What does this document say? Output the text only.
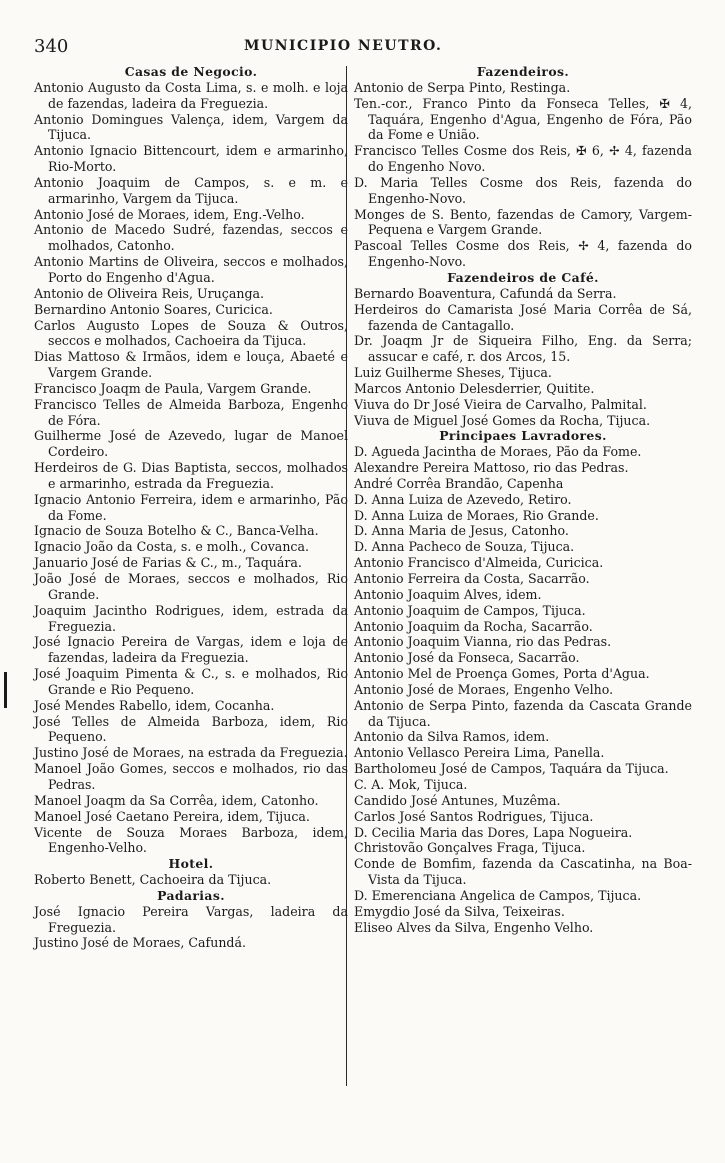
340	MUNICIPIO NEUTRO.
Casas de Negocio.
Antonio Augusto da Costa Lima, s. e molh. e loja de fazendas, ladeira da Freguezia.
Antonio Domingues Valença, idem, Vargem da Tijuca.
Antonio Ignacio Bittencourt, idem e armarinho, Rio-Morto.
Antonio Joaquim de Campos, s. e m. e armarinho, Vargem da Tijuca.
Antonio José de Moraes, idem, Eng.-Velho.
Antonio de Macedo Sudré, fazendas, seccos e molhados, Catonho.
Antonio Martins de Oliveira, seccos e molhados, Porto do Engenho d'Agua.
Antonio de Oliveira Reis, Uruçanga.
Bernardino Antonio Soares, Curicica.
Carlos Augusto Lopes de Souza & Outros, seccos e molhados, Cachoeira da Tijuca.
Dias Mattoso & Irmãos, idem e louça, Abaeté e Vargem Grande.
Francisco Joaqm de Paula, Vargem Grande.
Francisco Telles de Almeida Barboza, Engenho de Fóra.
Guilherme José de Azevedo, lugar de Manoel Cordeiro.
Herdeiros de G. Dias Baptista, seccos, molhados e armarinho, estrada da Freguezia.
Ignacio Antonio Ferreira, idem e armarinho, Pão da Fome.
Ignacio de Souza Botelho & C., Banca-Velha.
Ignacio João da Costa, s. e molh., Covanca.
Januario José de Farias & C., m., Taquára.
João José de Moraes, seccos e molhados, Rio Grande.
Joaquim Jacintho Rodrigues, idem, estrada da Freguezia.
José Ignacio Pereira de Vargas, idem e loja de fazendas, ladeira da Freguezia.
José Joaquim Pimenta & C., s. e molhados, Rio Grande e Rio Pequeno.
José Mendes Rabello, idem, Cocanha.
José Telles de Almeida Barboza, idem, Rio Pequeno.
Justino José de Moraes, na estrada da Freguezia.
Manoel João Gomes, seccos e molhados, rio das Pedras.
Manoel Joaqm da Sa Corrêa, idem, Catonho.
Manoel José Caetano Pereira, idem, Tijuca.
Vicente de Souza Moraes Barboza, idem, Engenho-Velho.
Hotel.
Roberto Benett, Cachoeira da Tijuca.
Padarias.
José Ignacio Pereira Vargas, ladeira da Freguezia.
Justino José de Moraes, Cafundá.
Fazendeiros.
Antonio de Serpa Pinto, Restinga.
Ten.-cor., Franco Pinto da Fonseca Telles, ✠ 4, Taquára, Engenho d'Agua, Engenho de Fóra, Pão da Fome e União.
Francisco Telles Cosme dos Reis, ✠ 6, ✢ 4, fazenda do Engenho Novo.
D. Maria Telles Cosme dos Reis, fazenda do Engenho-Novo.
Monges de S. Bento, fazendas de Camory, Vargem-Pequena e Vargem Grande.
Pascoal Telles Cosme dos Reis, ✢ 4, fazenda do Engenho-Novo.
Fazendeiros de Café.
Bernardo Boaventura, Cafundá da Serra.
Herdeiros do Camarista José Maria Corrêa de Sá, fazenda de Cantagallo.
Dr. Joaqm Jr de Siqueira Filho, Eng. da Serra; assucar e café, r. dos Arcos, 15.
Luiz Guilherme Sheses, Tijuca.
Marcos Antonio Delesderrier, Quitite.
Viuva do Dr José Vieira de Carvalho, Palmital.
Viuva de Miguel José Gomes da Rocha, Tijuca.
Principaes Lavradores.
D. Agueda Jacintha de Moraes, Pão da Fome.
Alexandre Pereira Mattoso, rio das Pedras.
André Corrêa Brandão, Capenha
D. Anna Luiza de Azevedo, Retiro.
D. Anna Luiza de Moraes, Rio Grande.
D. Anna Maria de Jesus, Catonho.
D. Anna Pacheco de Souza, Tijuca.
Antonio Francisco d'Almeida, Curicica.
Antonio Ferreira da Costa, Sacarrão.
Antonio Joaquim Alves, idem.
Antonio Joaquim de Campos, Tijuca.
Antonio Joaquim da Rocha, Sacarrão.
Antonio Joaquim Vianna, rio das Pedras.
Antonio José da Fonseca, Sacarrão.
Antonio Mel de Proença Gomes, Porta d'Agua.
Antonio José de Moraes, Engenho Velho.
Antonio de Serpa Pinto, fazenda da Cascata Grande da Tijuca.
Antonio da Silva Ramos, idem.
Antonio Vellasco Pereira Lima, Panella.
Bartholomeu José de Campos, Taquára da Tijuca.
C. A. Mok, Tijuca.
Candido José Antunes, Muzêma.
Carlos José Santos Rodrigues, Tijuca.
D. Cecilia Maria das Dores, Lapa Nogueira.
Christovão Gonçalves Fraga, Tijuca.
Conde de Bomfim, fazenda da Cascatinha, na Boa-Vista da Tijuca.
D. Emerenciana Angelica de Campos, Tijuca.
Emygdio José da Silva, Teixeiras.
Eliseo Alves da Silva, Engenho Velho.
